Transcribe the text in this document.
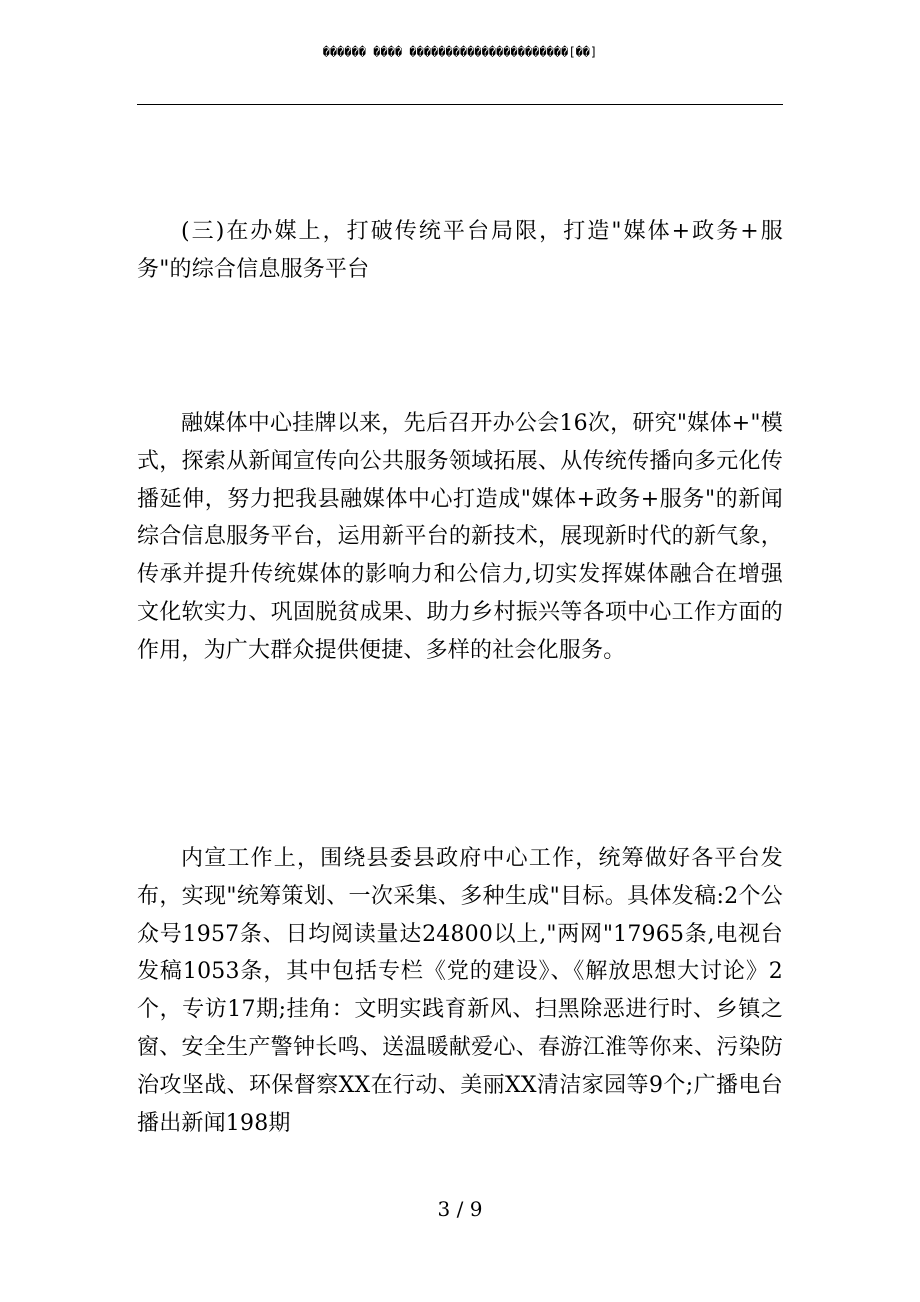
������ ���� ����������������������[��]

(三)在办媒上，打破传统平台局限，打造"媒体+政务+服务"的综合信息服务平台

融媒体中心挂牌以来，先后召开办公会16次，研究"媒体+"模式，探索从新闻宣传向公共服务领域拓展、从传统传播向多元化传播延伸，努力把我县融媒体中心打造成"媒体+政务+服务"的新闻综合信息服务平台，运用新平台的新技术，展现新时代的新气象，传承并提升传统媒体的影响力和公信力,切实发挥媒体融合在增强文化软实力、巩固脱贫成果、助力乡村振兴等各项中心工作方面的作用，为广大群众提供便捷、多样的社会化服务。

内宣工作上，围绕县委县政府中心工作，统筹做好各平台发布，实现"统筹策划、一次采集、多种生成"目标。具体发稿:2个公众号1957条、日均阅读量达24800以上,"两网"17965条,电视台发稿1053条，其中包括专栏《党的建设》、《解放思想大讨论》2个，专访17期;挂角：文明实践育新风、扫黑除恶进行时、乡镇之窗、安全生产警钟长鸣、送温暖献爱心、春游江淮等你来、污染防治攻坚战、环保督察XX在行动、美丽XX清洁家园等9个;广播电台播出新闻198期

3 / 9
